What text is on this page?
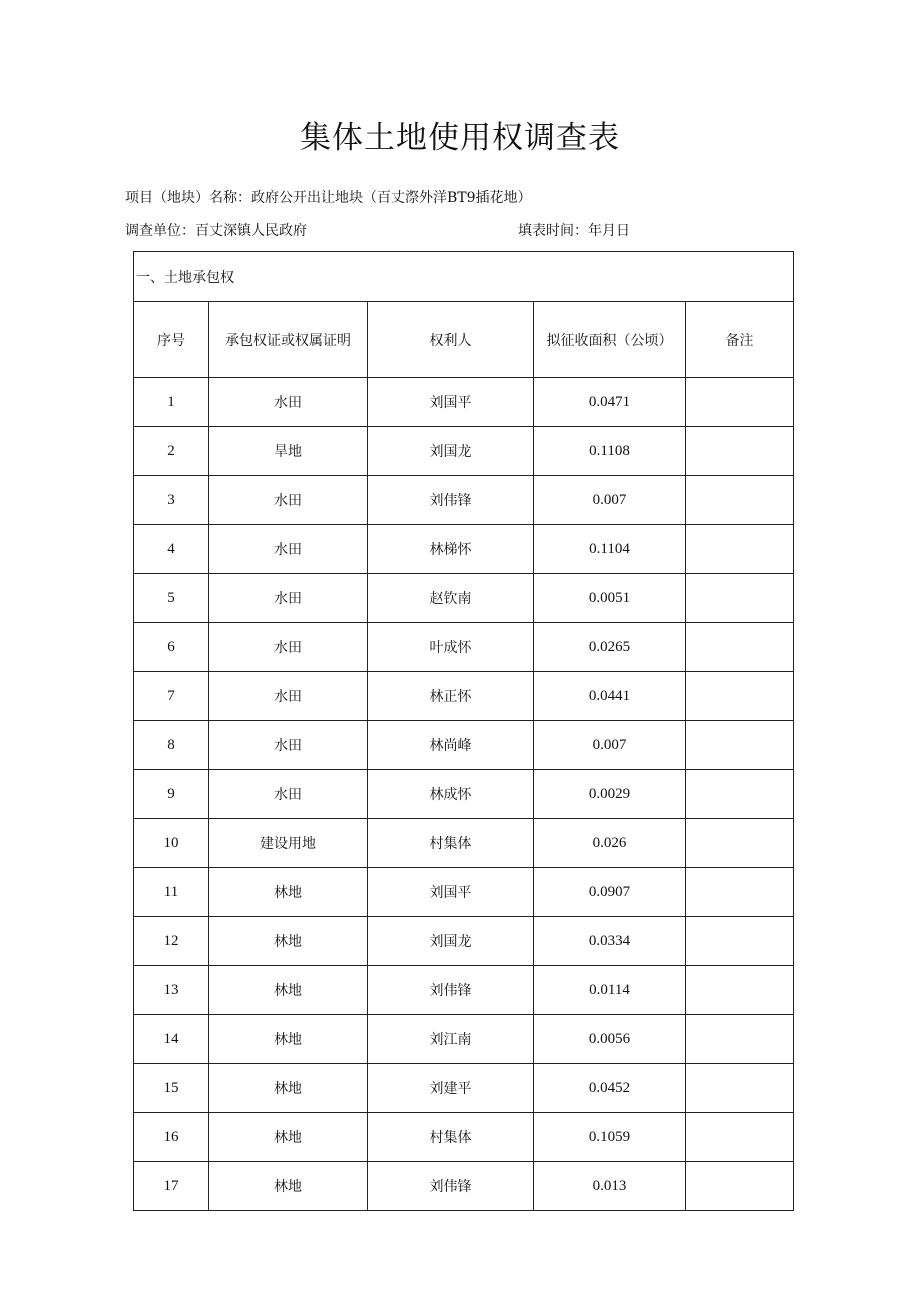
集体土地使用权调查表
项目（地块）名称：政府公开出让地块（百丈漈外洋BT9插花地）
调查单位：百丈深镇人民政府	填表时间：年月日
一、土地承包权				
序号	承包权证或权属证明	权利人	拟征收面积（公顷）	备注
1	水田	刘国平	0.0471	
2	旱地	刘国龙	0.1108	
3	水田	刘伟锋	0.007	
4	水田	林梯怀	0.1104	
5	水田	赵钦南	0.0051	
6	水田	叶成怀	0.0265	
7	水田	林正怀	0.0441	
8	水田	林尚峰	0.007	
9	水田	林成怀	0.0029	
10	建设用地	村集体	0.026	
11	林地	刘国平	0.0907	
12	林地	刘国龙	0.0334	
13	林地	刘伟锋	0.0114	
14	林地	刘江南	0.0056	
15	林地	刘建平	0.0452	
16	林地	村集体	0.1059	
17	林地	刘伟锋	0.013	
